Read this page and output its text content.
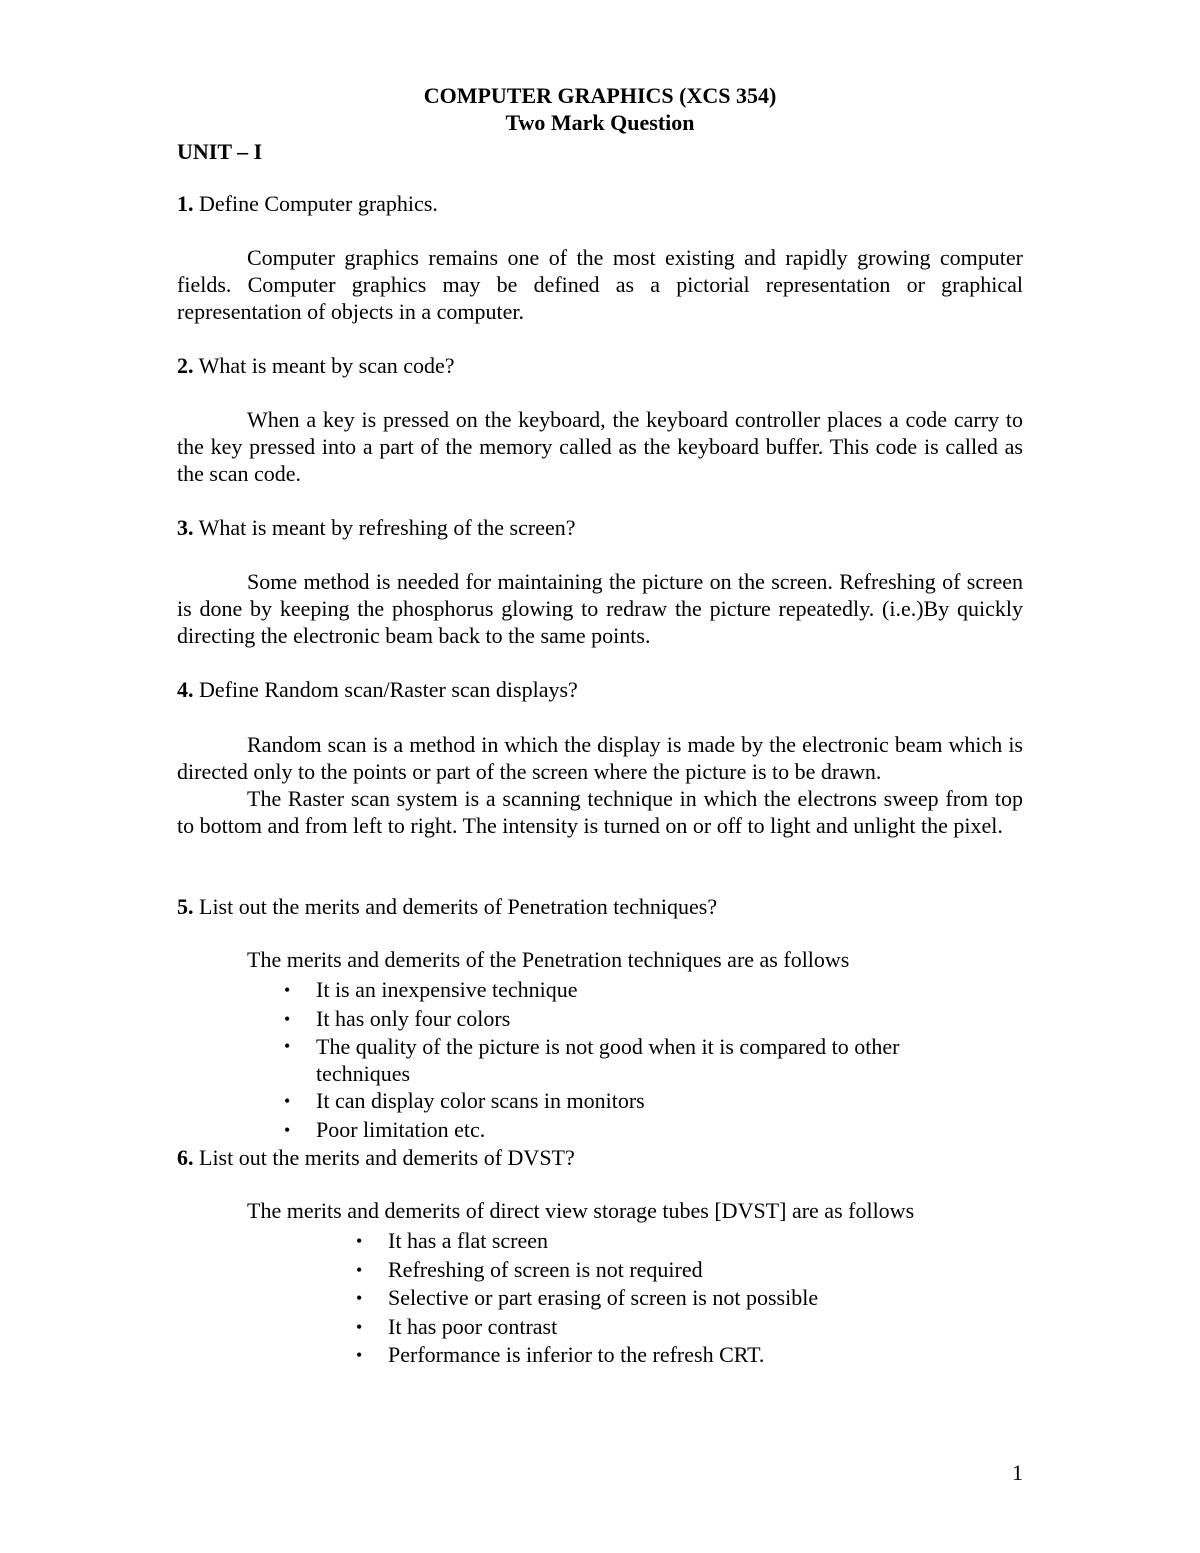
COMPUTER GRAPHICS (XCS 354)
Two Mark Question
UNIT – I
1. Define Computer graphics.
Computer graphics remains one of the most existing and rapidly growing computer fields. Computer graphics may be defined as a pictorial representation or graphical representation of objects in a computer.
2. What is meant by scan code?
When a key is pressed on the keyboard, the keyboard controller places a code carry to the key pressed into a part of the memory called as the keyboard buffer. This code is called as the scan code.
3. What is meant by refreshing of the screen?
Some method is needed for maintaining the picture on the screen. Refreshing of screen is done by keeping the phosphorus glowing to redraw the picture repeatedly. (i.e.)By quickly directing the electronic beam back to the same points.
4. Define Random scan/Raster scan displays?
Random scan is a method in which the display is made by the electronic beam which is directed only to the points or part of the screen where the picture is to be drawn.
The Raster scan system is a scanning technique in which the electrons sweep from top to bottom and from left to right. The intensity is turned on or off to light and unlight the pixel.
5. List out the merits and demerits of Penetration techniques?
The merits and demerits of the Penetration techniques are as follows
• It is an inexpensive technique
• It has only four colors
• The quality of the picture is not good when it is compared to other techniques
• It can display color scans in monitors
• Poor limitation etc.
6. List out the merits and demerits of DVST?
The merits and demerits of direct view storage tubes [DVST] are as follows
• It has a flat screen
• Refreshing of screen is not required
• Selective or part erasing of screen is not possible
• It has poor contrast
• Performance is inferior to the refresh CRT.
1
